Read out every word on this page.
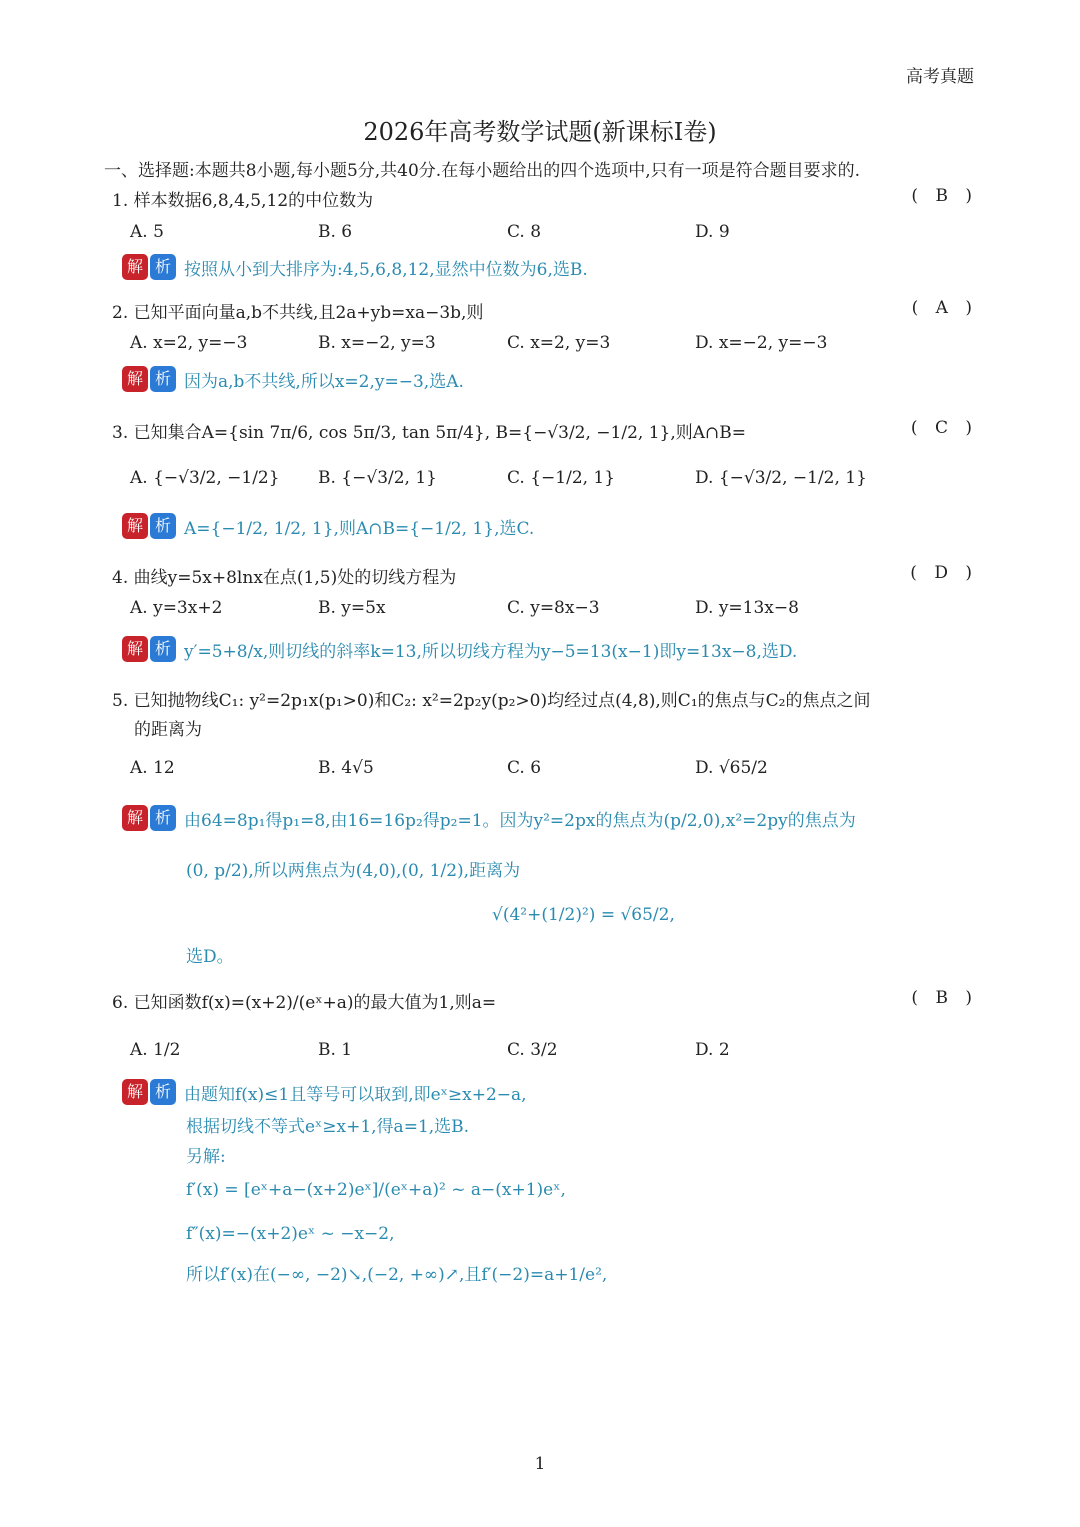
高考真题
2026年高考数学试题(新课标I卷)
一、选择题:本题共8小题,每小题5分,共40分.在每小题给出的四个选项中,只有一项是符合题目要求的.
1. 样本数据6,8,4,5,12的中位数为	( B )
A. 5	B. 6	C. 8	D. 9
解 析 按照从小到大排序为:4,5,6,8,12,显然中位数为6,选B.
2. 已知平面向量a,b不共线,且2a+yb=xa−3b,则	( A )
A. x=2, y=−3	B. x=−2, y=3	C. x=2, y=3	D. x=−2, y=−3
解 析 因为a,b不共线,所以x=2,y=−3,选A.
3. 已知集合A={sin 7π/6, cos 5π/3, tan 5π/4}, B={−√3/2, −1/2, 1},则A∩B=	( C )
A. {−√3/2, −1/2} B. {−√3/2, 1}	C. {−1/2, 1}	D. {−√3/2, −1/2, 1}
解 析 A={−1/2, 1/2, 1},则A∩B={−1/2, 1},选C.
4. 曲线y=5x+8lnx在点(1,5)处的切线方程为	( D )
A. y=3x+2	B. y=5x	C. y=8x−3	D. y=13x−8
解 析 y′=5+8/x,则切线的斜率k=13,所以切线方程为y−5=13(x−1)即y=13x−8,选D.
5. 已知抛物线C₁: y²=2p₁x(p₁>0)和C₂: x²=2p₂y(p₂>0)均经过点(4,8),则C₁的焦点与C₂的焦点之间
的距离为
A. 12	B. 4√5	C. 6	D. √65/2
解 析 由64=8p₁得p₁=8,由16=16p₂得p₂=1。因为y²=2px的焦点为(p/2,0),x²=2py的焦点为
(0, p/2),所以两焦点为(4,0),(0, 1/2),距离为
√(4²+(1/2)²) = √65/2,
选D。
6. 已知函数f(x)=(x+2)/(eˣ+a)的最大值为1,则a=	( B )
A. 1/2	B. 1	C. 3/2	D. 2
解 析 由题知f(x)≤1且等号可以取到,即eˣ≥x+2−a,
根据切线不等式eˣ≥x+1,得a=1,选B.
另解:
f′(x) = [eˣ+a−(x+2)eˣ]/(eˣ+a)² ~ a−(x+1)eˣ,
f″(x)=−(x+2)eˣ ~ −x−2,
所以f′(x)在(−∞, −2)↘,(−2, +∞)↗,且f′(−2)=a+1/e²,
1
